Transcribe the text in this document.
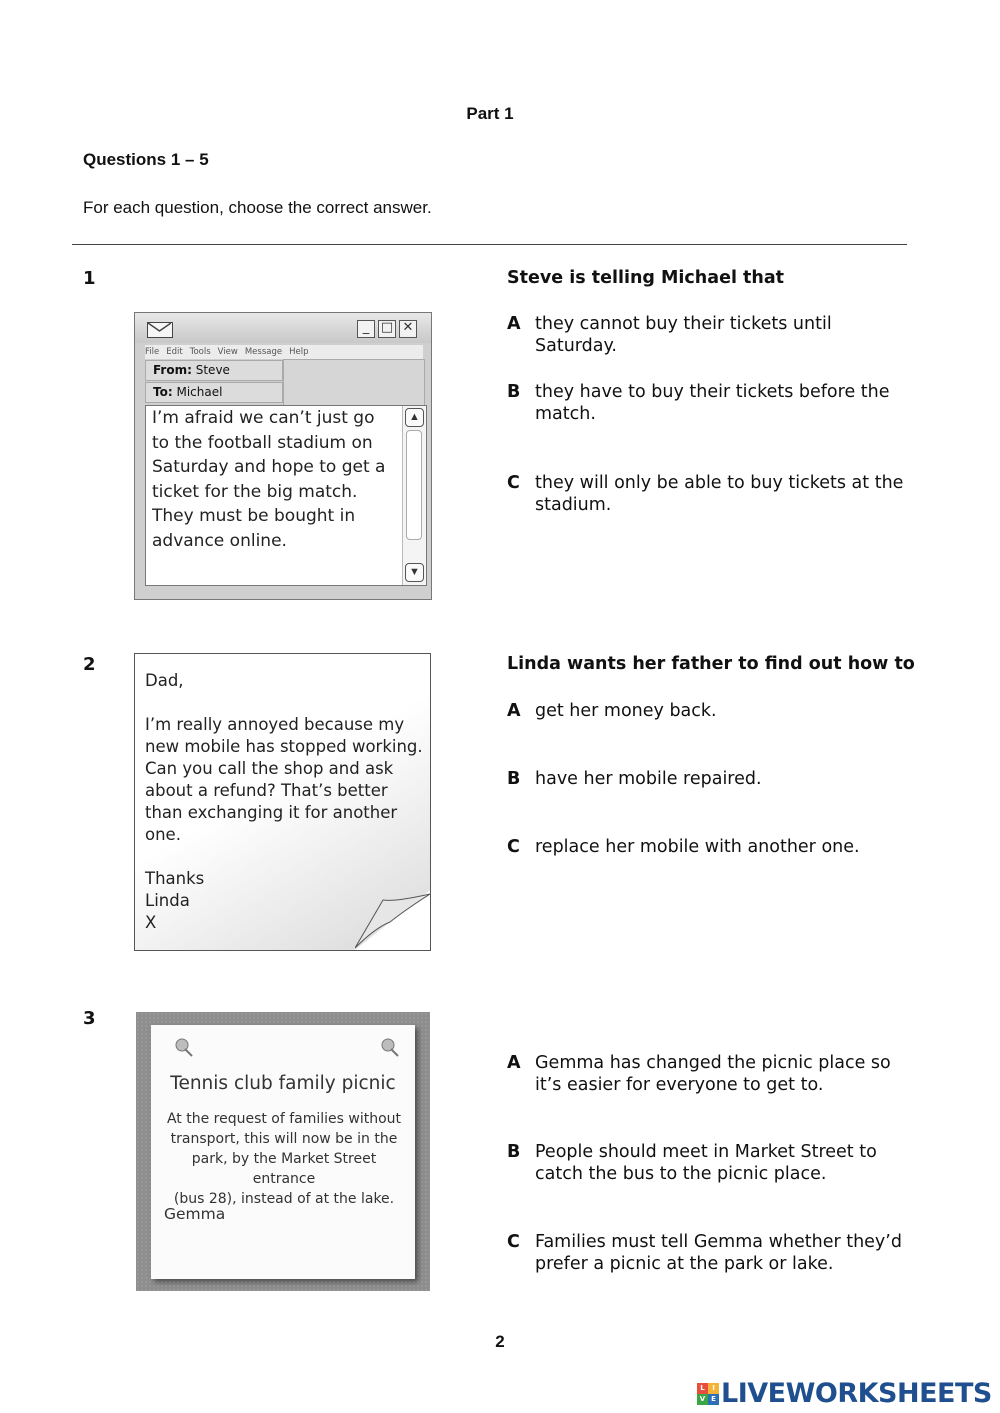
Part 1
Questions 1 – 5
For each question, choose the correct answer.
1
_ □ ✕
File Edit Tools View Message Help
From: Steve
To: Michael
I’m afraid we can’t just go
to the football stadium on
Saturday and hope to get a
ticket for the big match.
They must be bought in
advance online.
▲
▼
Steve is telling Michael that
A they cannot buy their tickets until Saturday.
B they have to buy their tickets before the match.
C they will only be able to buy tickets at the stadium.
2
Dad,
I’m really annoyed because my
new mobile has stopped working.
Can you call the shop and ask
about a refund? That’s better
than exchanging it for another
one.
Thanks
Linda
X
Linda wants her father to find out how to
A get her money back.
B have her mobile repaired.
C replace her mobile with another one.
3
Tennis club family picnic
At the request of families without
transport, this will now be in the
park, by the Market Street entrance
(bus 28), instead of at the lake.
Gemma
A Gemma has changed the picnic place so it’s easier for everyone to get to.
B People should meet in Market Street to catch the bus to the picnic place.
C Families must tell Gemma whether they’d prefer a picnic at the park or lake.
2
L	I
V E LIVEWORKSHEETS
